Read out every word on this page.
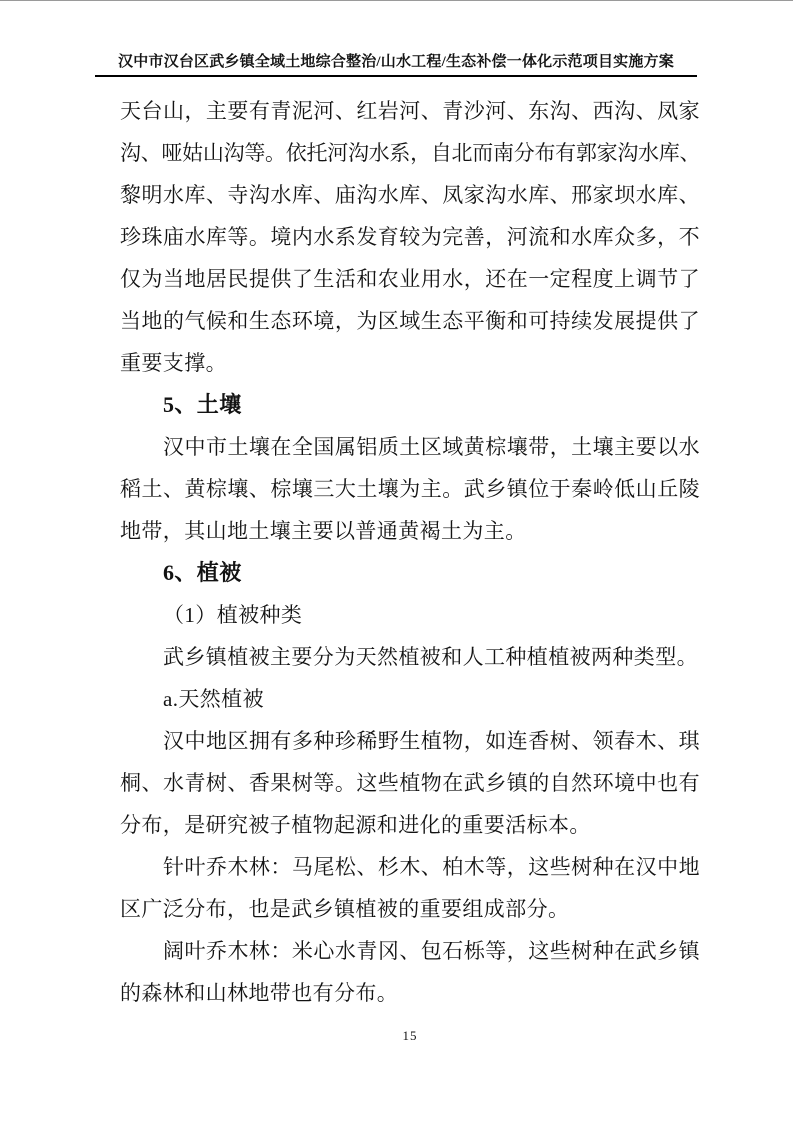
汉中市汉台区武乡镇全域土地综合整治/山水工程/生态补偿一体化示范项目实施方案
天台山，主要有青泥河、红岩河、青沙河、东沟、西沟、凤家
沟、哑姑山沟等。依托河沟水系，自北而南分布有郭家沟水库、
黎明水库、寺沟水库、庙沟水库、凤家沟水库、邢家坝水库、
珍珠庙水库等。境内水系发育较为完善，河流和水库众多，不
仅为当地居民提供了生活和农业用水，还在一定程度上调节了
当地的气候和生态环境，为区域生态平衡和可持续发展提供了
重要支撑。
5、土壤
汉中市土壤在全国属铝质土区域黄棕壤带，土壤主要以水
稻土、黄棕壤、棕壤三大土壤为主。武乡镇位于秦岭低山丘陵
地带，其山地土壤主要以普通黄褐土为主。
6、植被
（1）植被种类
武乡镇植被主要分为天然植被和人工种植植被两种类型。
a.天然植被
汉中地区拥有多种珍稀野生植物，如连香树、领春木、琪
桐、水青树、香果树等。这些植物在武乡镇的自然环境中也有
分布，是研究被子植物起源和进化的重要活标本。
针叶乔木林：马尾松、杉木、柏木等，这些树种在汉中地
区广泛分布，也是武乡镇植被的重要组成部分。
阔叶乔木林：米心水青冈、包石栎等，这些树种在武乡镇
的森林和山林地带也有分布。
15
